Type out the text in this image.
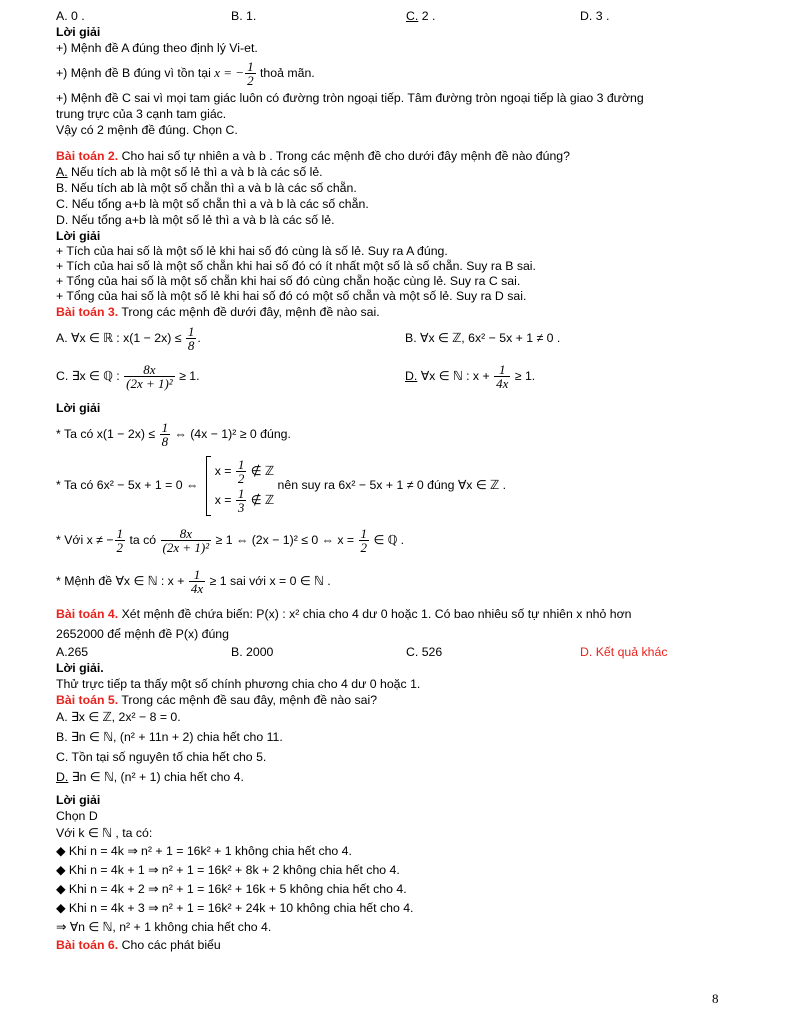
A. 0 .	B. 1.	C. 2 .	D. 3 .
Lời giải
+) Mệnh đề A đúng theo định lý Vi-et.
+) Mệnh đề B đúng vì tồn tại x = − $\frac{1}{2}$ thoả mãn.
+) Mệnh đề C sai vì mọi tam giác luôn có đường tròn ngoại tiếp. Tâm đường tròn ngoại tiếp là giao 3 đường
trung trực của 3 cạnh tam giác.
Vậy có 2 mệnh đề đúng. Chọn C.
Bài toán 2. Cho hai số tự nhiên a và b . Trong các mệnh đề cho dưới đây mệnh đề nào đúng?
A. Nếu tích ab là một số lẻ thì a và b là các số lẻ.
B. Nếu tích ab là một số chẵn thì a và b là các số chẵn.
C. Nếu tổng a+b là một số chẵn thì a và b là các số chẵn.
D. Nếu tổng a+b là một số lẻ thì a và b là các số lẻ.
Lời giải
+ Tích của hai số là một số lẻ khi hai số đó cùng là số lẻ. Suy ra A đúng.
+ Tích của hai số là một số chẵn khi hai số đó có ít nhất một số là số chẵn. Suy ra B sai.
+ Tổng của hai số là một số chẵn khi hai số đó cùng chẵn hoặc cùng lẻ. Suy ra C sai.
+ Tổng của hai số là một số lẻ khi hai số đó có một số chẵn và một số lẻ. Suy ra D sai.
Bài toán 3. Trong các mệnh đề dưới đây, mệnh đề nào sai.
A. ∀x ∈ ℝ : $x(1 - 2x) \le \frac{1}{8}$ .	B. ∀x ∈ ℤ, 6x² − 5x + 1 ≠ 0 .
C. ∃x ∈ ℚ : $\frac{8x}{\text{(2x + 1)²}} \ge 1$.	D. ∀x ∈ ℕ : $x + \frac{1}{4x} \ge 1$.
Lời giải
* Ta có $x(1 - 2x) \le \frac{1}{8}$ ⇔ (4x − 1)² ≥ 0 đúng.
* Ta có 6x² − 5x + 1 = 0 ⇔
$x = \frac{1}{2}$ ∉ ℤ
$x = \frac{1}{3}$ ∉ ℤ
nên suy ra 6x² − 5x + 1 ≠ 0 đúng ∀x ∈ ℤ .
* Với x ≠ − $\frac{1}{2}$ ta có $\frac{8x}{\text{(2x + 1)²}} \ge 1$ ⇔ (2x − 1)² ≤ 0 ⇔ $x = \frac{1}{2}$ ∈ ℚ .
* Mệnh đề ∀x ∈ ℕ : $x + \frac{1}{4x} \ge 1$ sai với x = 0 ∈ ℕ .
Bài toán 4. Xét mệnh đề chứa biến: P(x) : x² chia cho 4 dư 0 hoặc 1. Có bao nhiêu số tự nhiên x nhỏ hơn
2652000 để mệnh đề P(x) đúng
A.265	B. 2000	C. 526	D. Kết quả khác
Lời giải.
Thử trực tiếp ta thấy một số chính phương chia cho 4 dư 0 hoặc 1.
Bài toán 5. Trong các mệnh đề sau đây, mệnh đề nào sai?
A. ∃x ∈ ℤ, 2x² − 8 = 0.
B. ∃n ∈ ℕ, (n² + 11n + 2) chia hết cho 11.
C. Tồn tại số nguyên tố chia hết cho 5.
D. ∃n ∈ ℕ, (n² + 1) chia hết cho 4.
Lời giải
Chọn D
Với k ∈ ℕ , ta có:
◆ Khi n = 4k ⇒ n² + 1 = 16k² + 1 không chia hết cho 4.
◆ Khi n = 4k + 1 ⇒ n² + 1 = 16k² + 8k + 2 không chia hết cho 4.
◆ Khi n = 4k + 2 ⇒ n² + 1 = 16k² + 16k + 5 không chia hết cho 4.
◆ Khi n = 4k + 3 ⇒ n² + 1 = 16k² + 24k + 10 không chia hết cho 4.
⇒ ∀n ∈ ℕ, n² + 1 không chia hết cho 4.
Bài toán 6. Cho các phát biểu
8
